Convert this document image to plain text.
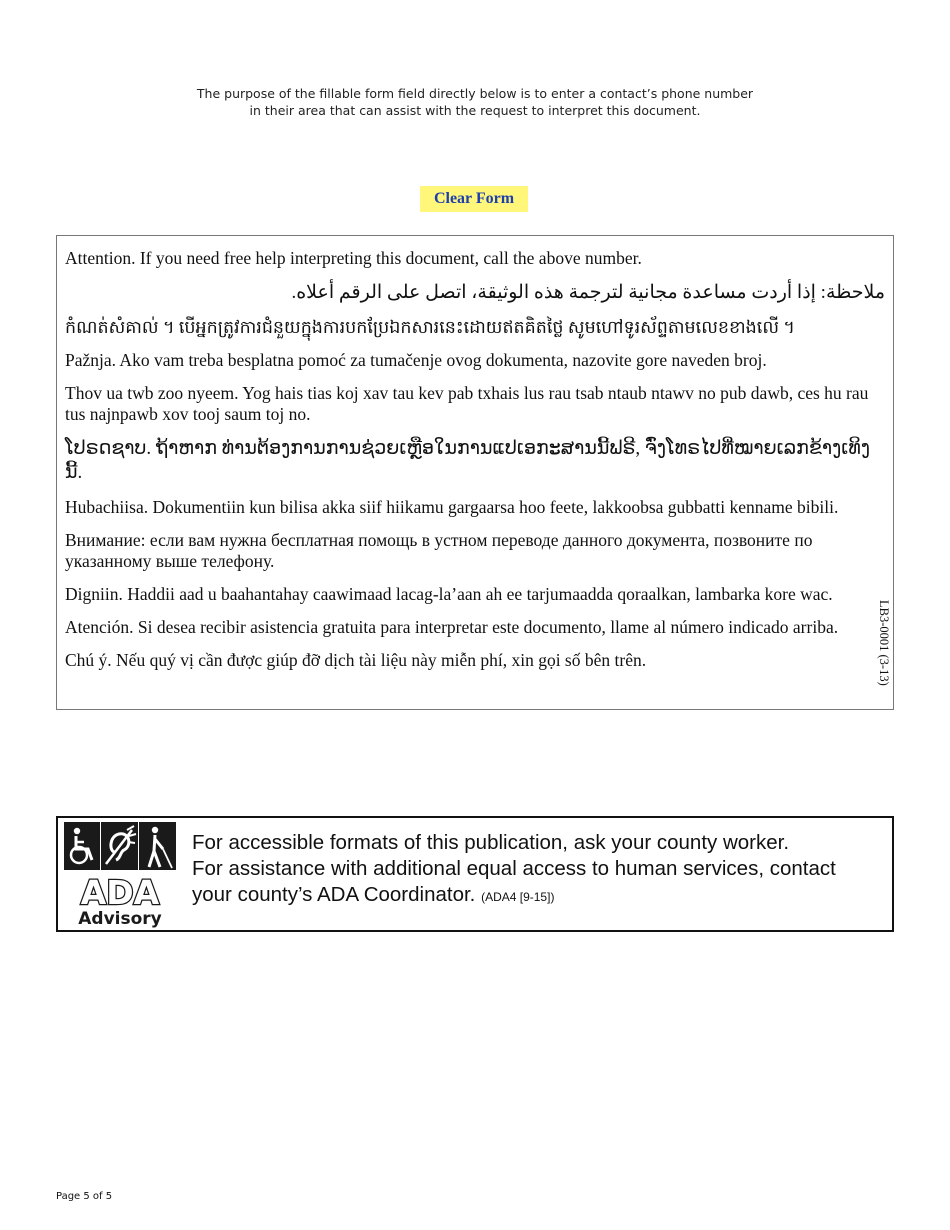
The purpose of the fillable form field directly below is to enter a contact’s phone number
in their area that can assist with the request to interpret this document.
Clear Form

Attention. If you need free help interpreting this document, call the above number.

ملاحظة: إذا أردت مساعدة مجانية لترجمة هذه الوثيقة، اتصل على الرقم أعلاه.

កំណត់សំគាល់ ។ បើអ្នកត្រូវការជំនួយក្នុងការបកប្រែឯកសារនេះដោយឥតគិតថ្លៃ សូមហៅទូរស័ព្ទតាមលេខខាងលើ ។

Pažnja. Ako vam treba besplatna pomoć za tumačenje ovog dokumenta, nazovite gore naveden broj.

Thov ua twb zoo nyeem. Yog hais tias koj xav tau kev pab txhais lus rau tsab ntaub ntawv no pub dawb, ces hu rau tus najnpawb xov tooj saum toj no.

ໂປຣດຊາບ. ຖ້າຫາກ ທ່ານຕ້ອງການການຊ່ວຍເຫຼືອໃນການແປເອກະສານນີ້ຟຣີ, ຈົ່ງໂທຣໄປທີ່ໝາຍເລກຂ້າງເທິງນີ້.

Hubachiisa. Dokumentiin kun bilisa akka siif hiikamu gargaarsa hoo feete, lakkoobsa gubbatti kenname bibili.

Внимание: если вам нужна бесплатная помощь в устном переводе данного документа, позвоните по указанному выше телефону.

Digniin. Haddii aad u baahantahay caawimaad lacag-la’aan ah ee tarjumaadda qoraalkan, lambarka kore wac.

Atención. Si desea recibir asistencia gratuita para interpretar este documento, llame al número indicado arriba.

Chú ý. Nếu quý vị cần được giúp đỡ dịch tài liệu này miễn phí, xin gọi số bên trên.	LB3-0001 (3-13)
ADA
Advisory
For accessible formats of this publication, ask your county worker.
For assistance with additional equal access to human services, contact
your county’s ADA Coordinator. (ADA4 [9-15])
Page 5 of 5
